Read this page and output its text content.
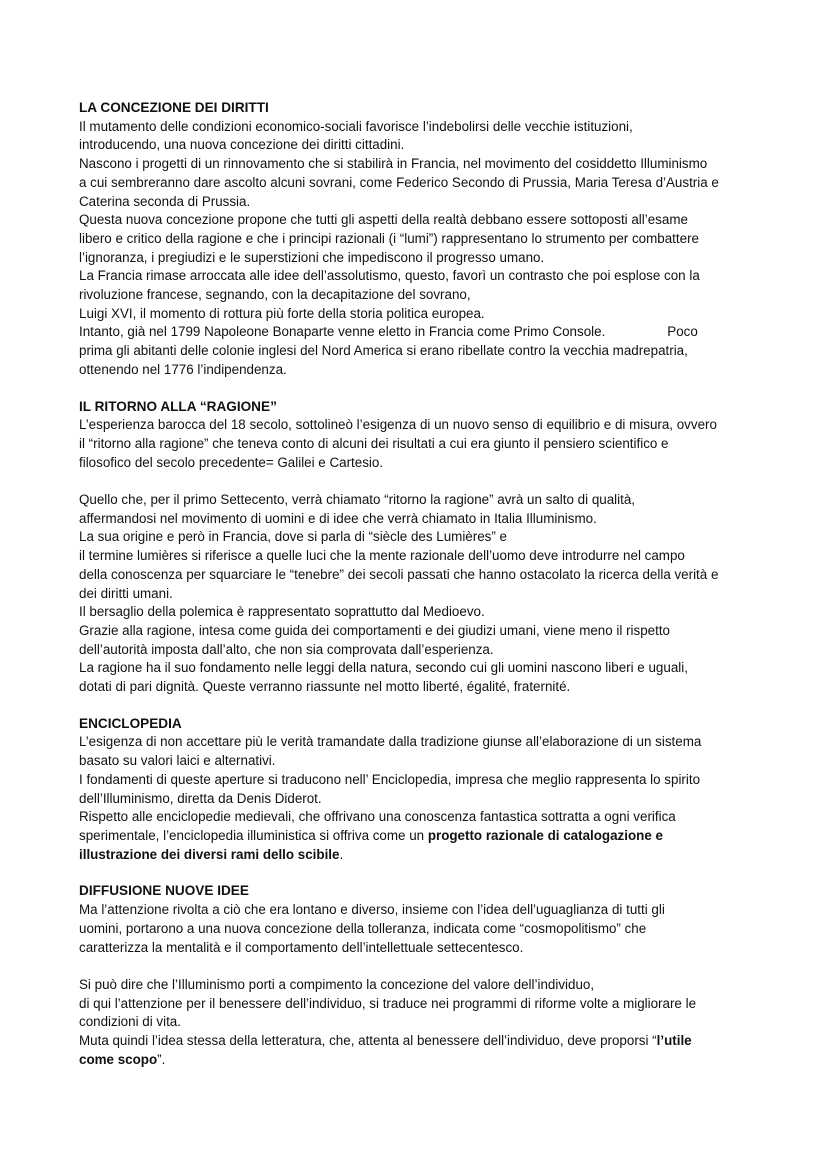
LA CONCEZIONE DEI DIRITTI

Il mutamento delle condizioni economico-sociali favorisce l’indebolirsi delle vecchie istituzioni,
introducendo, una nuova concezione dei diritti cittadini.

Nascono i progetti di un rinnovamento che si stabilirà in Francia, nel movimento del cosiddetto Illuminismo
a cui sembreranno dare ascolto alcuni sovrani, come Federico Secondo di Prussia, Maria Teresa d’Austria e
Caterina seconda di Prussia.

Questa nuova concezione propone che tutti gli aspetti della realtà debbano essere sottoposti all’esame
libero e critico della ragione e che i principi razionali (i “lumi”) rappresentano lo strumento per combattere
l’ignoranza, i pregiudizi e le superstizioni che impediscono il progresso umano.

La Francia rimase arroccata alle idee dell’assolutismo, questo, favorì un contrasto che poi esplose con la
rivoluzione francese, segnando, con la decapitazione del sovrano,
Luigi XVI, il momento di rottura più forte della storia politica europea.

Intanto, già nel 1799 Napoleone Bonaparte venne eletto in Francia come Primo Console.	Poco
prima gli abitanti delle colonie inglesi del Nord America si erano ribellate contro la vecchia madrepatria,
ottenendo nel 1776 l’indipendenza.

IL RITORNO ALLA “RAGIONE”

L’esperienza barocca del 18 secolo, sottolineò l’esigenza di un nuovo senso di equilibrio e di misura, ovvero
il “ritorno alla ragione” che teneva conto di alcuni dei risultati a cui era giunto il pensiero scientifico e
filosofico del secolo precedente= Galilei e Cartesio.

Quello che, per il primo Settecento, verrà chiamato “ritorno la ragione” avrà un salto di qualità,
affermandosi nel movimento di uomini e di idee che verrà chiamato in Italia Illuminismo.
La sua origine e però in Francia, dove si parla di “siècle des Lumières” e
il termine lumières si riferisce a quelle luci che la mente razionale dell’uomo deve introdurre nel campo
della conoscenza per squarciare le “tenebre” dei secoli passati che hanno ostacolato la ricerca della verità e
dei diritti umani.
Il bersaglio della polemica è rappresentato soprattutto dal Medioevo.
Grazie alla ragione, intesa come guida dei comportamenti e dei giudizi umani, viene meno il rispetto
dell’autorità imposta dall’alto, che non sia comprovata dall’esperienza.
La ragione ha il suo fondamento nelle leggi della natura, secondo cui gli uomini nascono liberi e uguali,
dotati di pari dignità. Queste verranno riassunte nel motto liberté, égalité, fraternité.

ENCICLOPEDIA

L’esigenza di non accettare più le verità tramandate dalla tradizione giunse all’elaborazione di un sistema
basato su valori laici e alternativi.
I fondamenti di queste aperture si traducono nell’ Enciclopedia, impresa che meglio rappresenta lo spirito
dell’Illuminismo, diretta da Denis Diderot.
Rispetto alle enciclopedie medievali, che offrivano una conoscenza fantastica sottratta a ogni verifica
sperimentale, l’enciclopedia illuministica si offriva come un progetto razionale di catalogazione e
illustrazione dei diversi rami dello scibile.

DIFFUSIONE NUOVE IDEE

Ma l’attenzione rivolta a ciò che era lontano e diverso, insieme con l’idea dell’uguaglianza di tutti gli
uomini, portarono a una nuova concezione della tolleranza, indicata come “cosmopolitismo” che
caratterizza la mentalità e il comportamento dell’intellettuale settecentesco.

Si può dire che l’Illuminismo porti a compimento la concezione del valore dell’individuo,
di qui l’attenzione per il benessere dell’individuo, si traduce nei programmi di riforme volte a migliorare le
condizioni di vita.
Muta quindi l’idea stessa della letteratura, che, attenta al benessere dell’individuo, deve proporsi “l’utile
come scopo”.
